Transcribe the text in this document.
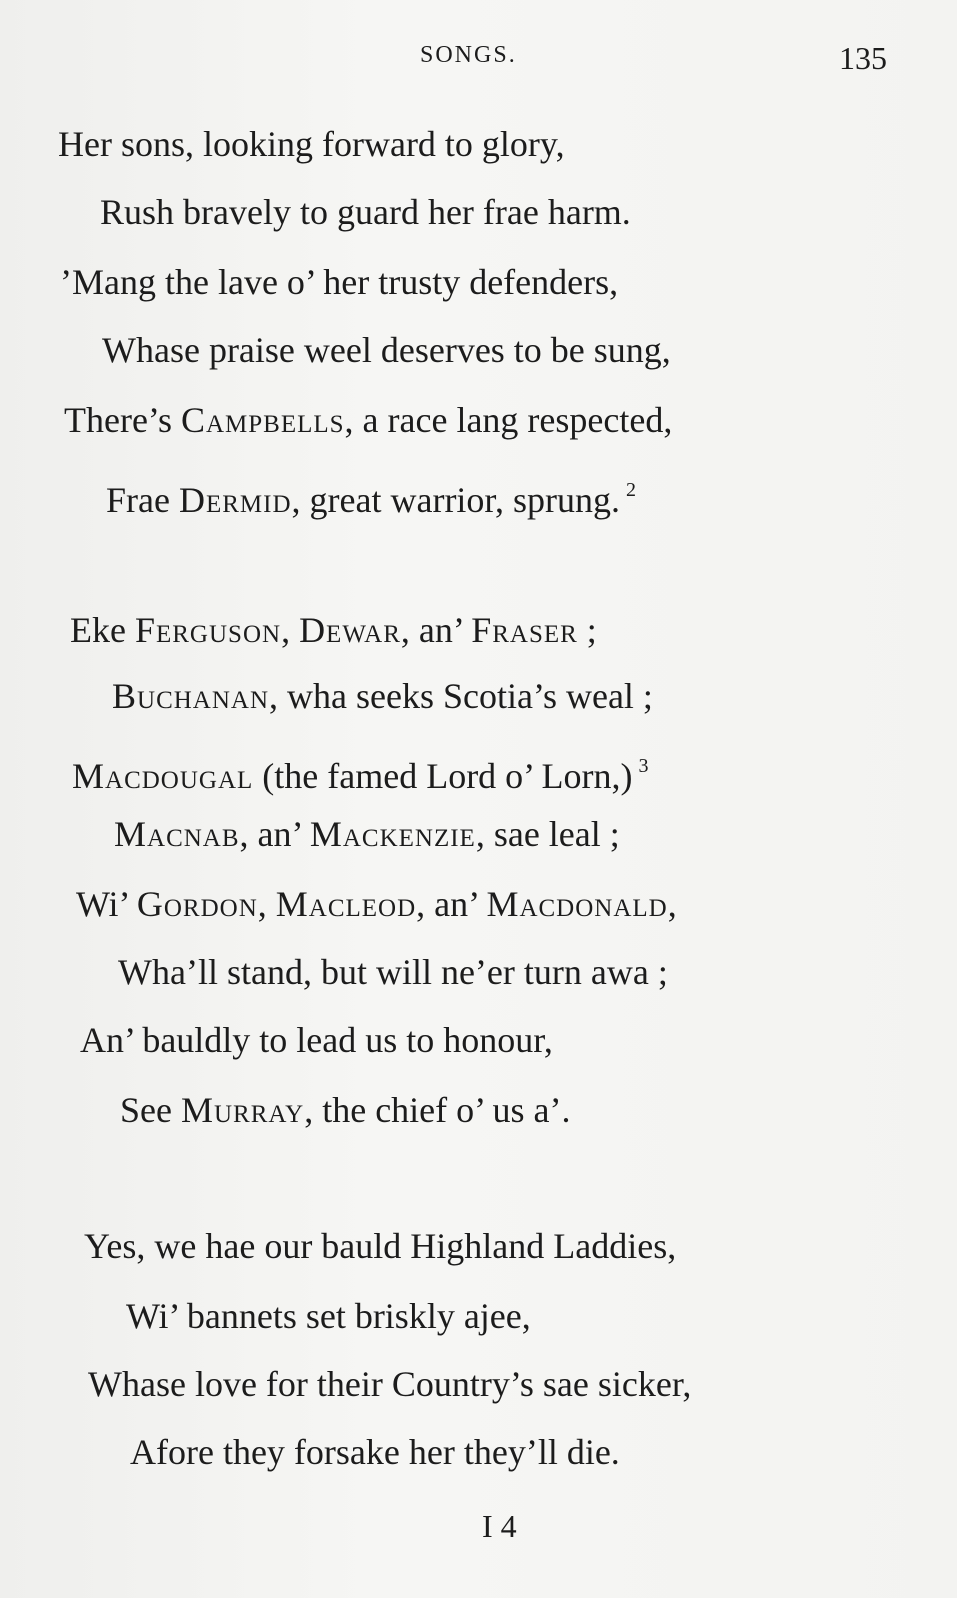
SONGS.	135
Her sons, looking forward to glory,
Rush bravely to guard her frae harm.
’Mang the lave o’ her trusty defenders,
Whase praise weel deserves to be sung,
There’s Campbells, a race lang respected,
Frae Dermid, great warrior, sprung. $^2$
Eke Ferguson, Dewar, an’ Fraser ;
Buchanan, wha seeks Scotia’s weal ;
Macdougal (the famed Lord o’ Lorn,) $^3$
Macnab, an’ Mackenzie, sae leal ;
Wi’ Gordon, Macleod, an’ Macdonald,
Wha’ll stand, but will ne’er turn awa ;
An’ bauldly to lead us to honour,
See Murray, the chief o’ us a’.
Yes, we hae our bauld Highland Laddies,
Wi’ bannets set briskly ajee,
Whase love for their Country’s sae sicker,
Afore they forsake her they’ll die.
I 4
